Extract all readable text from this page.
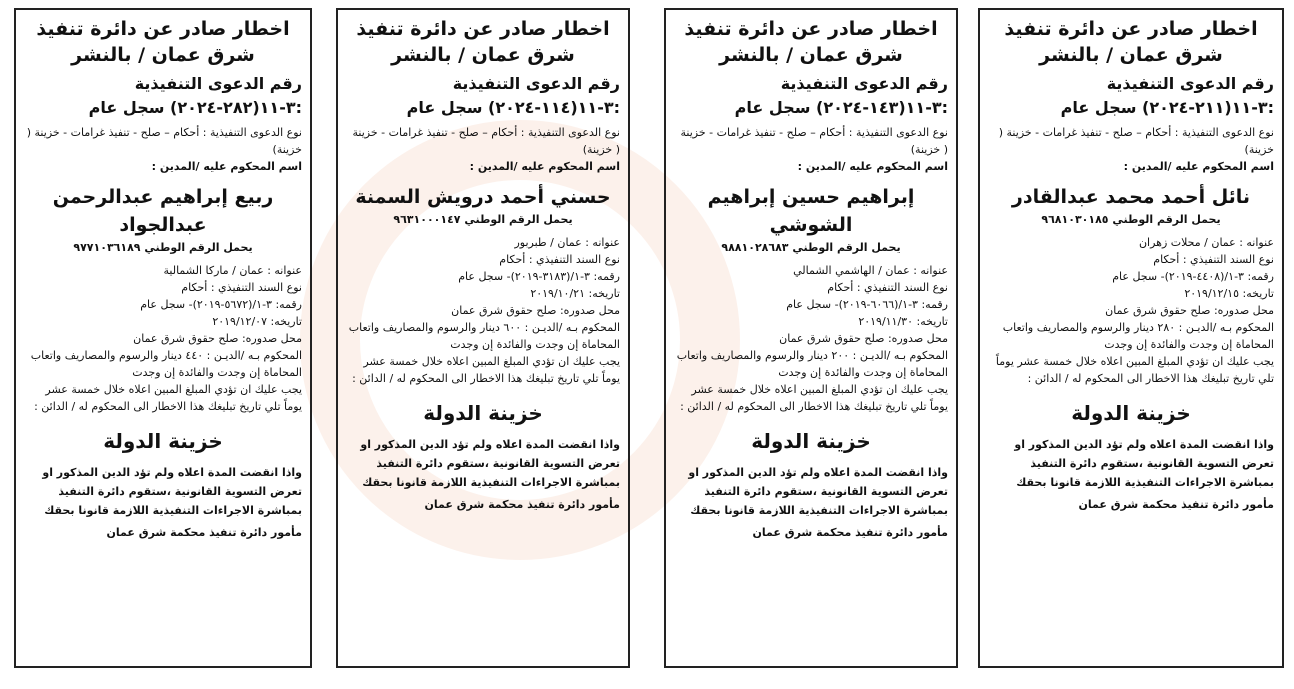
اخطار صادر عن دائرة تنفيذ شرق عمان / بالنشر
رقم الدعوى التنفيذية :٣-١١(٢١١-٢٠٢٤) سجل عام
نوع الدعوى التنفيذية : أحكام – صلح - تنفيذ غرامات - خزينة ( خزينة)
اسم المحكوم عليه /المدين :
نائل أحمد محمد عبدالقادر
يحمل الرقم الوطني ٩٦٨١٠٣٠١٨٥
عنوانه : عمان / محلات زهران
نوع السند التنفيذي : أحكام
رقمه: ٣-١/(٤٤٠٨-٢٠١٩)- سجل عام
تاريخه: ٢٠١٩/١٢/١٥
محل صدوره: صلح حقوق شرق عمان
المحكوم بـه /الديـن : ٢٨٠ دينار والرسوم والمصاريف واتعاب المحاماة إن وجدت والفائدة إن وجدت
يجب عليك ان تؤدي المبلغ المبين اعلاه خلال خمسة عشر يوماً تلي تاريخ تبليغك هذا الاخطار الى المحكوم له / الدائن :
خزينة الدولة
واذا انقضت المدة اعلاه ولم تؤد الدين المذكور او تعرض التسوية القانونية ،ستقوم دائرة التنفيذ بمباشرة الاجراءات التنفيذية اللازمة قانونا بحقك
مأمور دائرة تنفيذ محكمة شرق عمان
اخطار صادر عن دائرة تنفيذ شرق عمان / بالنشر
رقم الدعوى التنفيذية :٣-١١(١٤٣-٢٠٢٤) سجل عام
نوع الدعوى التنفيذية : أحكام – صلح - تنفيذ غرامات - خزينة ( خزينة)
اسم المحكوم عليه /المدين :
إبراهيم حسين إبراهيم الشوشي
يحمل الرقم الوطني ٩٨٨١٠٢٨٦٨٣
عنوانه : عمان / الهاشمي الشمالي
نوع السند التنفيذي : أحكام
رقمه: ٣-١/(٦٠٦٦-٢٠١٩)- سجل عام
تاريخه: ٢٠١٩/١١/٣٠
محل صدوره: صلح حقوق شرق عمان
المحكوم بـه /الديـن : ٢٠٠ دينار والرسوم والمصاريف واتعاب المحاماة إن وجدت والفائدة إن وجدت
يجب عليك ان تؤدي المبلغ المبين اعلاه خلال خمسة عشر يوماً تلي تاريخ تبليغك هذا الاخطار الى المحكوم له / الدائن :
خزينة الدولة
واذا انقضت المدة اعلاه ولم تؤد الدين المذكور او تعرض التسوية القانونية ،ستقوم دائرة التنفيذ بمباشرة الاجراءات التنفيذية اللازمة قانونا بحقك
مأمور دائرة تنفيذ محكمة شرق عمان
اخطار صادر عن دائرة تنفيذ شرق عمان / بالنشر
رقم الدعوى التنفيذية :٣-١١(١١٤-٢٠٢٤) سجل عام
نوع الدعوى التنفيذية : أحكام – صلح - تنفيذ غرامات - خزينة ( خزينة)
اسم المحكوم عليه /المدين :
حسني أحمد درويش السمنة
يحمل الرقم الوطني ٩٦٣١٠٠٠١٤٧
عنوانه : عمان / طبربور
نوع السند التنفيذي : أحكام
رقمه: ٣-١/(٣١٨٣-٢٠١٩)- سجل عام
تاريخه: ٢٠١٩/١٠/٢١
محل صدوره: صلح حقوق شرق عمان
المحكوم بـه /الديـن : ٦٠٠ دينار والرسوم والمصاريف واتعاب المحاماة إن وجدت والفائدة إن وجدت
يجب عليك ان تؤدي المبلغ المبين اعلاه خلال خمسة عشر يوماً تلي تاريخ تبليغك هذا الاخطار الى المحكوم له / الدائن :
خزينة الدولة
واذا انقضت المدة اعلاه ولم تؤد الدين المذكور او تعرض التسوية القانونية ،ستقوم دائرة التنفيذ بمباشرة الاجراءات التنفيذية اللازمة قانونا بحقك
مأمور دائرة تنفيذ محكمة شرق عمان
اخطار صادر عن دائرة تنفيذ شرق عمان / بالنشر
رقم الدعوى التنفيذية :٣-١١(٢٨٢-٢٠٢٤) سجل عام
نوع الدعوى التنفيذية : أحكام – صلح - تنفيذ غرامات - خزينة ( خزينة)
اسم المحكوم عليه /المدين :
ربيع إبراهيم عبدالرحمن عبدالجواد
يحمل الرقم الوطني ٩٧٧١٠٣٦١٨٩
عنوانه : عمان / ماركا الشمالية
نوع السند التنفيذي : أحكام
رقمه: ٣-١/(٥٦٧٢-٢٠١٩)- سجل عام
تاريخه: ٢٠١٩/١٢/٠٧
محل صدوره: صلح حقوق شرق عمان
المحكوم بـه /الديـن : ٤٤٠ دينار والرسوم والمصاريف واتعاب المحاماة إن وجدت والفائدة إن وجدت
يجب عليك ان تؤدي المبلغ المبين اعلاه خلال خمسة عشر يوماً تلي تاريخ تبليغك هذا الاخطار الى المحكوم له / الدائن :
خزينة الدولة
واذا انقضت المدة اعلاه ولم تؤد الدين المذكور او تعرض التسوية القانونية ،ستقوم دائرة التنفيذ بمباشرة الاجراءات التنفيذية اللازمة قانونا بحقك
مأمور دائرة تنفيذ محكمة شرق عمان
